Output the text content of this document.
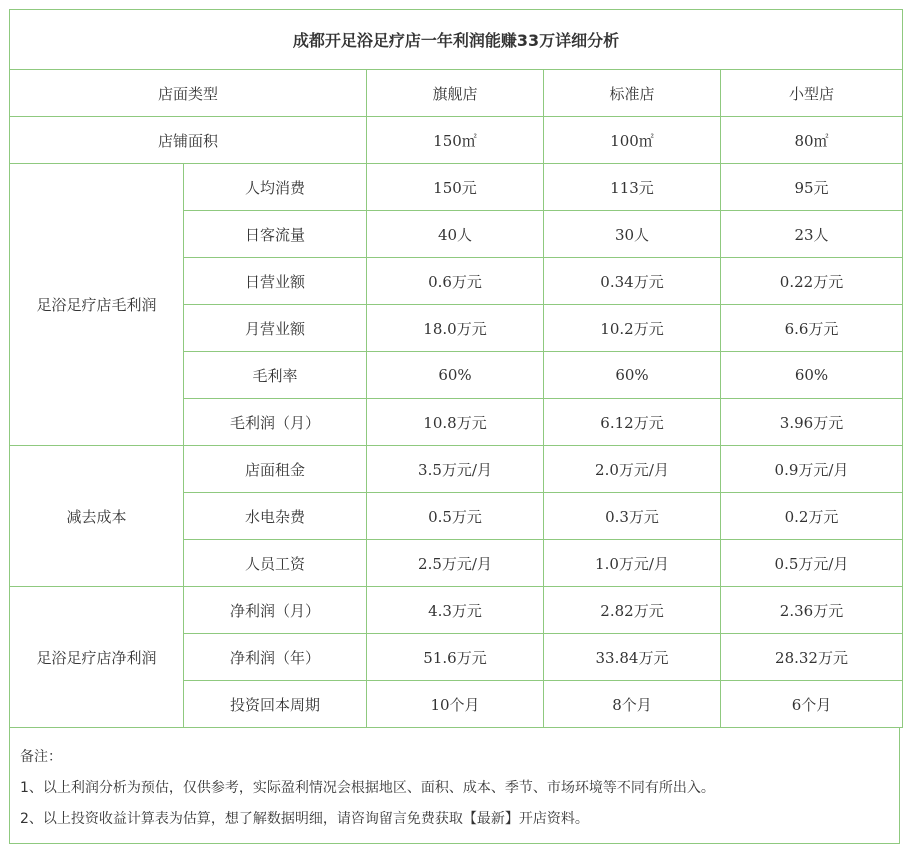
成都开足浴足疗店一年利润能赚33万详细分析				
店面类型		旗舰店	标准店	小型店
店铺面积		150㎡	100㎡	80㎡
足浴足疗店毛利润	人均消费	150元	113元	95元
	日客流量	40人	30人	23人
	日营业额	0.6万元	0.34万元	0.22万元
	月营业额	18.0万元	10.2万元	6.6万元
	毛利率	60%	60%	60%
	毛利润（月）	10.8万元	6.12万元	3.96万元
减去成本	店面租金	3.5万元/月	2.0万元/月	0.9万元/月
	水电杂费	0.5万元	0.3万元	0.2万元
	人员工资	2.5万元/月	1.0万元/月	0.5万元/月
足浴足疗店净利润	净利润（月）	4.3万元	2.82万元	2.36万元
	净利润（年）	51.6万元	33.84万元	28.32万元
	投资回本周期	10个月	8个月	6个月
备注：
1、以上利润分析为预估，仅供参考，实际盈利情况会根据地区、面积、成本、季节、市场环境等不同有所出入。
2、以上投资收益计算表为估算，想了解数据明细，请咨询留言免费获取【最新】开店资料。
